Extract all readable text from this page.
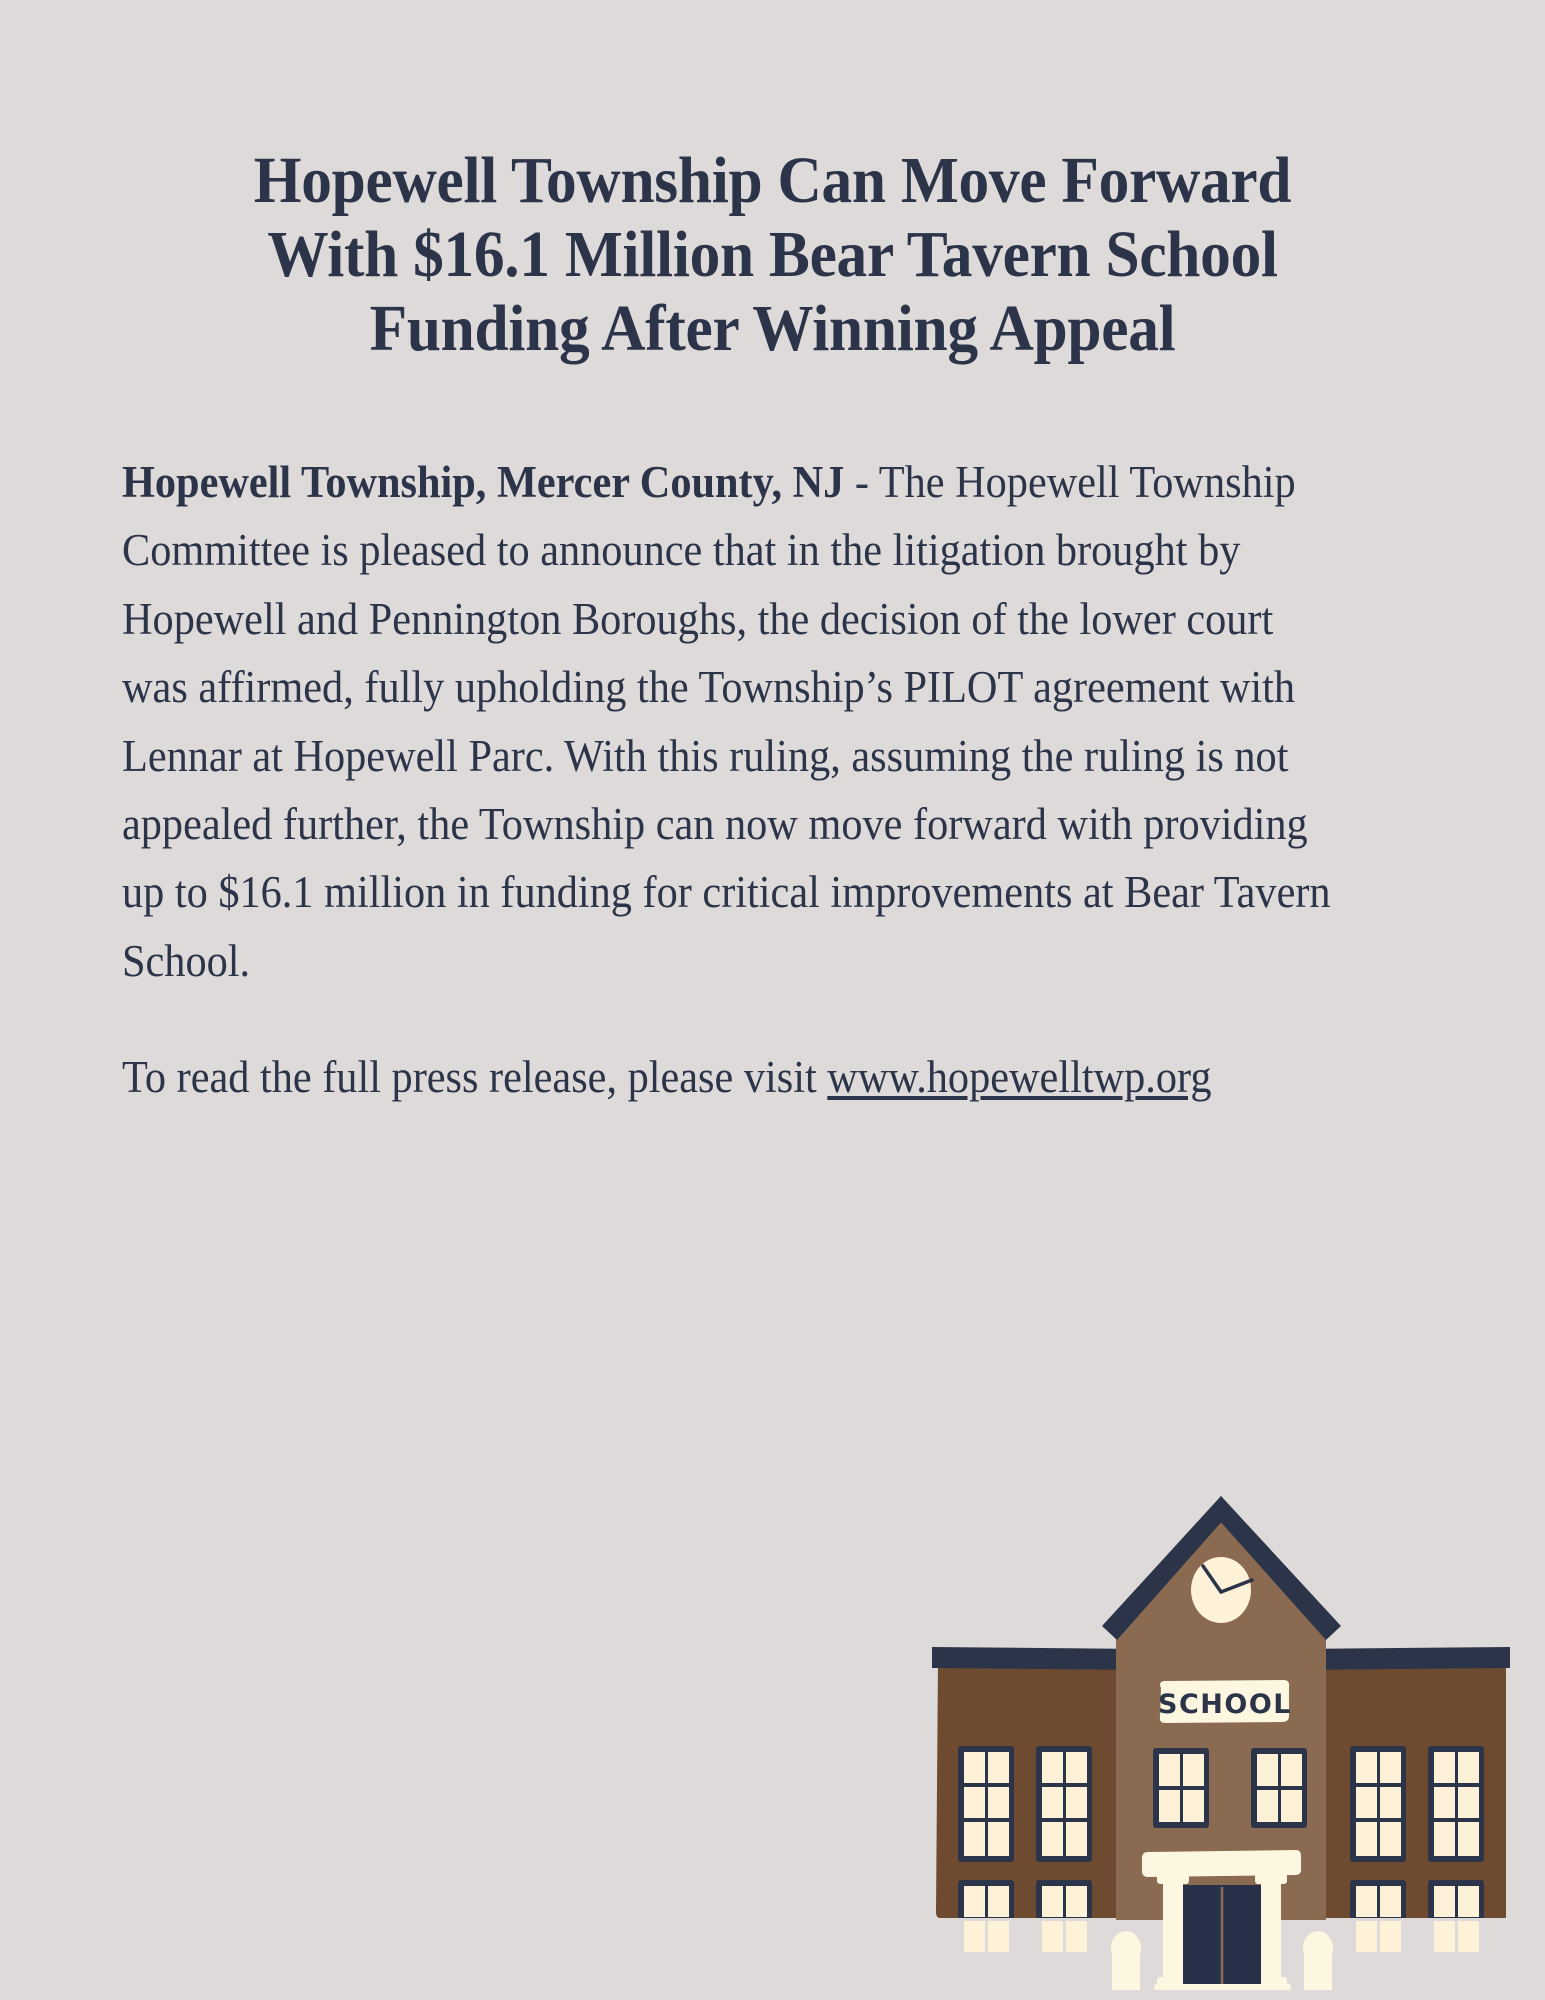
Hopewell Township Can Move Forward
With $16.1 Million Bear Tavern School
Funding After Winning Appeal

Hopewell Township, Mercer County, NJ - The Hopewell Township Committee is pleased to announce that in the litigation brought by Hopewell and Pennington Boroughs, the decision of the lower court was affirmed, fully upholding the Township’s PILOT agreement with Lennar at Hopewell Parc. With this ruling, assuming the ruling is not appealed further, the Township can now move forward with providing up to $16.1 million in funding for critical improvements at Bear Tavern School.

To read the full press release, please visit www.hopewelltwp.org

SCHOOL
